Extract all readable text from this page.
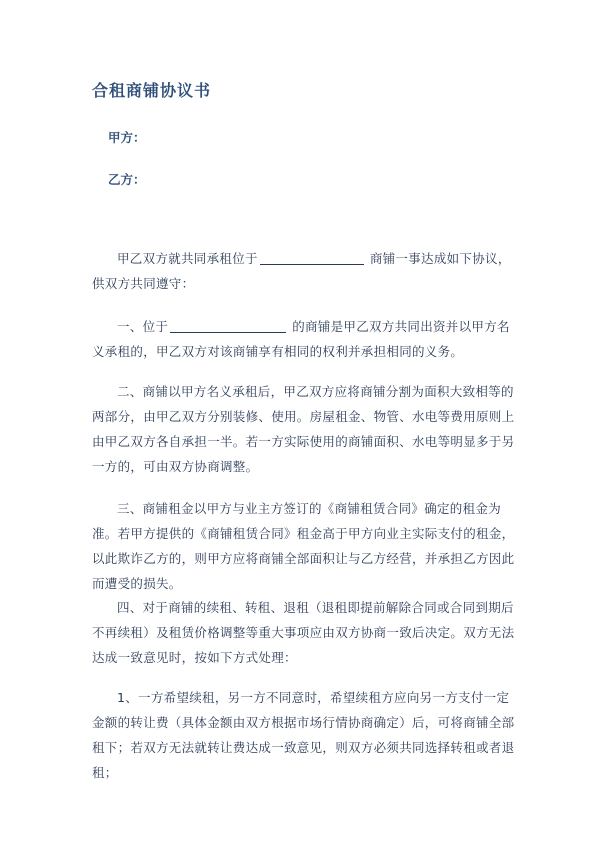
合租商铺协议书
甲方：
乙方：
甲乙双方就共同承租位于	商铺一事达成如下协议，供双方共同遵守：
一、位于	的商铺是甲乙双方共同出资并以甲方名义承租的，甲乙双方对该商铺享有相同的权利并承担相同的义务。
二、商铺以甲方名义承租后，甲乙双方应将商铺分割为面积大致相等的两部分，由甲乙双方分别装修、使用。房屋租金、物管、水电等费用原则上由甲乙双方各自承担一半。若一方实际使用的商铺面积、水电等明显多于另一方的，可由双方协商调整。
三、商铺租金以甲方与业主方签订的《商铺租赁合同》确定的租金为准。若甲方提供的《商铺租赁合同》租金高于甲方向业主实际支付的租金，以此欺诈乙方的，则甲方应将商铺全部面积让与乙方经营，并承担乙方因此而遭受的损失。
四、对于商铺的续租、转租、退租（退租即提前解除合同或合同到期后不再续租）及租赁价格调整等重大事项应由双方协商一致后决定。双方无法达成一致意见时，按如下方式处理：
1、一方希望续租，另一方不同意时，希望续租方应向另一方支付一定金额的转让费（具体金额由双方根据市场行情协商确定）后，可将商铺全部租下；若双方无法就转让费达成一致意见，则双方必须共同选择转租或者退租；
